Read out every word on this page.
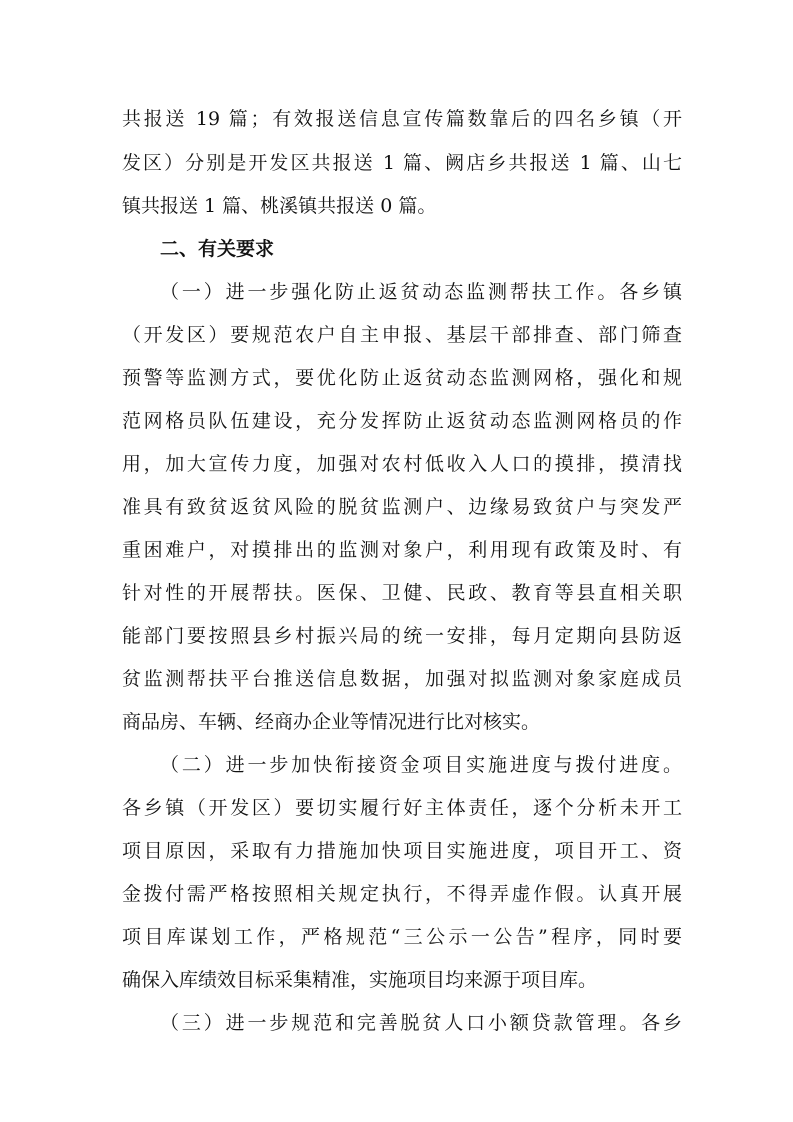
共报送 19 篇；有效报送信息宣传篇数靠后的四名乡镇（开
发区）分别是开发区共报送 1 篇、阙店乡共报送 1 篇、山七
镇共报送 1 篇、桃溪镇共报送 0 篇。
二、有关要求
（一）进一步强化防止返贫动态监测帮扶工作。各乡镇
（开发区）要规范农户自主申报、基层干部排查、部门筛查
预警等监测方式，要优化防止返贫动态监测网格，强化和规
范网格员队伍建设，充分发挥防止返贫动态监测网格员的作
用，加大宣传力度，加强对农村低收入人口的摸排，摸清找
准具有致贫返贫风险的脱贫监测户、边缘易致贫户与突发严
重困难户，对摸排出的监测对象户，利用现有政策及时、有
针对性的开展帮扶。医保、卫健、民政、教育等县直相关职
能部门要按照县乡村振兴局的统一安排，每月定期向县防返
贫监测帮扶平台推送信息数据，加强对拟监测对象家庭成员
商品房、车辆、经商办企业等情况进行比对核实。
（二）进一步加快衔接资金项目实施进度与拨付进度。
各乡镇（开发区）要切实履行好主体责任，逐个分析未开工
项目原因，采取有力措施加快项目实施进度，项目开工、资
金拨付需严格按照相关规定执行，不得弄虚作假。认真开展
项目库谋划工作，严格规范“三公示一公告”程序，同时要
确保入库绩效目标采集精准，实施项目均来源于项目库。
（三）进一步规范和完善脱贫人口小额贷款管理。各乡
